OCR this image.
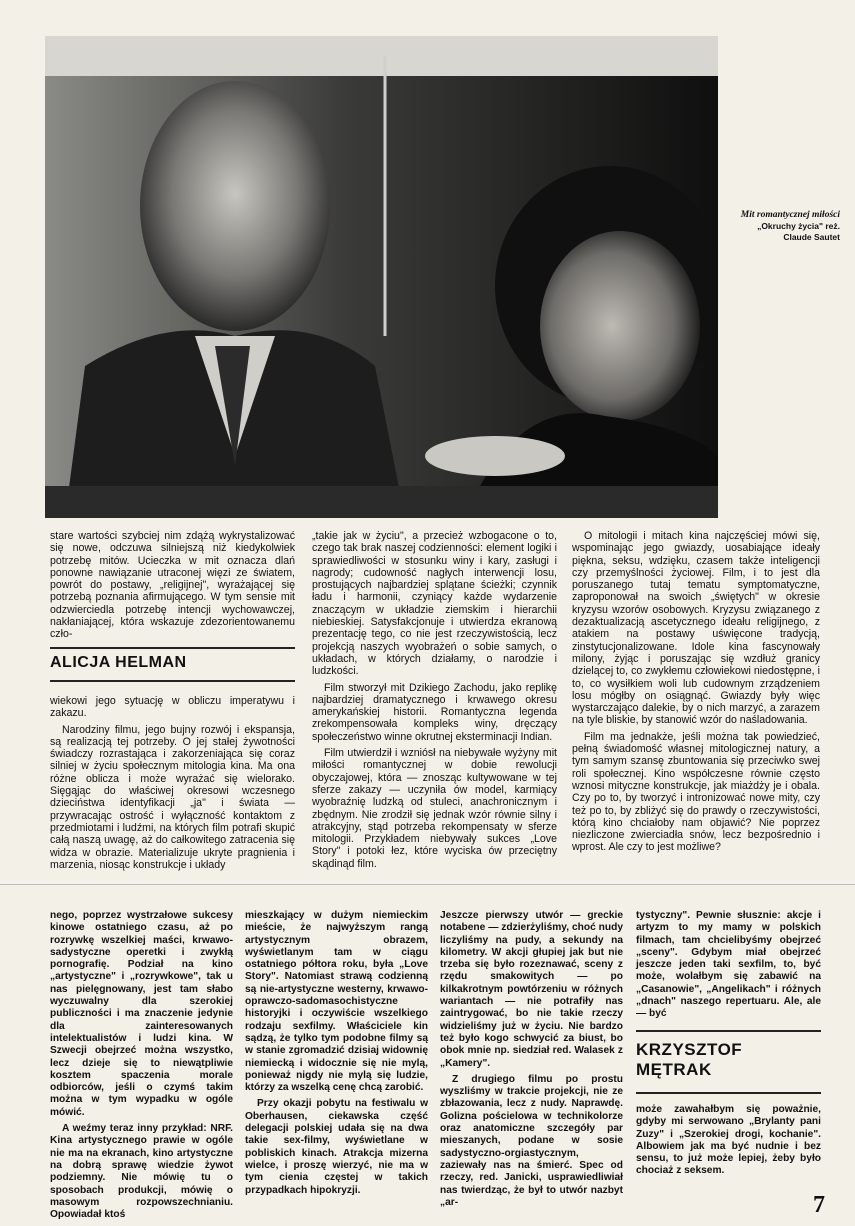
Mit romantycznej miłości
„Okruchy życia" reż.
Claude Sautet

stare wartości szybciej nim zdążą wykrystalizować się nowe, odczuwa silniejszą niż kiedykolwiek potrzebę mitów. Ucieczka w mit oznacza dlań ponowne nawiązanie utraconej więzi ze światem, powrót do postawy, „religijnej", wyrażającej się potrzebą poznania afirmującego. W tym sensie mit odzwierciedla potrzebę intencji wychowawczej, nakłaniającej, która wskazuje zdezorientowanemu czło-

ALICJA HELMAN

wiekowi jego sytuację w obliczu imperatywu i zakazu.

Narodziny filmu, jego bujny rozwój i ekspansja, są realizacją tej potrzeby. O jej stałej żywotności świadczy rozrastająca i zakorzeniająca się coraz silniej w życiu społecznym mitologia kina. Ma ona różne oblicza i może wyrażać się wielorako. Sięgąjąc do właściwej okresowi wczesnego dzieciństwa identyfikacji „ja" i świata — przywracając ostrość i wyłączność kontaktom z przedmiotami i ludźmi, na których film potrafi skupić całą naszą uwagę, aż do całkowitego zatracenia się widza w obrazie. Materializuje ukryte pragnienia i marzenia, niosąc konstrukcje i układy

„takie jak w życiu", a przecież wzbogacone o to, czego tak brak naszej codzienności: element logiki i sprawiedliwości w stosunku winy i kary, zasługi i nagrody; cudowność nagłych interwencji losu, prostujących najbardziej splątane ścieżki; czynnik ładu i harmonii, czyniący każde wydarzenie znaczącym w układzie ziemskim i hierarchii niebieskiej. Satysfakcjonuje i utwierdza ekranową prezentację tego, co nie jest rzeczywistością, lecz projekcją naszych wyobrażeń o sobie samych, o układach, w których działamy, o narodzie i ludzkości.

Film stworzył mit Dzikiego Zachodu, jako replikę najbardziej dramatycznego i krwawego okresu amerykańskiej historii. Romantyczna legenda zrekompensowała kompleks winy, dręczący społeczeństwo winne okrutnej eksterminacji Indian.

Film utwierdził i wzniósł na niebywałe wyżyny mit miłości romantycznej w dobie rewolucji obyczajowej, która — znosząc kultywowane w tej sferze zakazy — uczyniła ów model, karmiący wyobraźnię ludzką od stuleci, anachronicznym i zbędnym. Nie zrodził się jednak wzór równie silny i atrakcyjny, stąd potrzeba rekompensaty w sferze mitologii. Przykładem niebywały sukces „Love Story" i potoki łez, które wyciska ów przeciętny skądinąd film.

O mitologii i mitach kina najczęściej mówi się, wspominając jego gwiazdy, uosabiające ideały piękna, seksu, wdzięku, czasem także inteligencji czy przemyślności życiowej. Film, i to jest dla poruszanego tutaj tematu symptomatyczne, zaproponował na swoich „świętych" w okresie kryzysu wzorów osobowych. Kryzysu związanego z dezaktualizacją ascetycznego ideału religijnego, z atakiem na postawy uświęcone tradycją, zinstytucjonalizowane. Idole kina fascynowały milony, żyjąc i poruszając się wzdłuż granicy dzielącej to, co zwykłemu człowiekowi niedostępne, i to, co wysiłkiem woli lub cudownym zrządzeniem losu mógłby on osiągnąć. Gwiazdy były więc wystarczająco dalekie, by o nich marzyć, a zarazem na tyle bliskie, by stanowić wzór do naśladowania.

Film ma jednakże, jeśli można tak powiedzieć, pełną świadomość własnej mitologicznej natury, a tym samym szansę zbuntowania się przeciwko swej roli społecznej. Kino współczesne równie często wznosi mityczne konstrukcje, jak miażdży je i obala. Czy po to, by tworzyć i intronizować nowe mity, czy też po to, by zbliżyć się do prawdy o rzeczywistości, którą kino chciałoby nam objawić? Nie poprzez niezliczone zwierciadła snów, lecz bezpośrednio i wprost. Ale czy to jest możliwe?

nego, poprzez wystrzałowe sukcesy kinowe ostatniego czasu, aż po rozrywkę wszelkiej maści, krwawo-sadystyczne operetki i zwykłą pornografię. Podział na kino „artystyczne" i „rozrywkowe", tak u nas pielęgnowany, jest tam słabo wyczuwalny dla szerokiej publiczności i ma znaczenie jedynie dla zainteresowanych intelektualistów i ludzi kina. W Szwecji obejrzeć można wszystko, lecz dzieje się to niewątpliwie kosztem spaczenia morale odbiorców, jeśli o czymś takim można w tym wypadku w ogóle mówić.

A weźmy teraz inny przykład: NRF. Kina artystycznego prawie w ogóle nie ma na ekranach, kino artystyczne na dobrą sprawę wiedzie żywot podziemny. Nie mówię tu o sposobach produkcji, mówię o masowym rozpowszechnianiu. Opowiadał ktoś

mieszkający w dużym niemieckim mieście, że najwyższym rangą artystycznym obrazem, wyświetlanym tam w ciągu ostatniego półtora roku, była „Love Story". Natomiast strawą codzienną są nie-artystyczne westerny, krwawo-oprawczo-sadomasochistyczne historyjki i oczywiście wszelkiego rodzaju sexfilmy. Właściciele kin sądzą, że tylko tym podobne filmy są w stanie zgromadzić dzisiaj widownię niemiecką i widocznie się nie mylą, ponieważ nigdy nie mylą się ludzie, którzy za wszelką cenę chcą zarobić.

Przy okazji pobytu na festiwalu w Oberhausen, ciekawska część delegacji polskiej udała się na dwa takie sex-filmy, wyświetlane w pobliskich kinach. Atrakcja mizerna wielce, i proszę wierzyć, nie ma w tym cienia częstej w takich przypadkach hipokryzji.

Jeszcze pierwszy utwór — greckie notabene — zdzierżyliśmy, choć nudy liczyliśmy na pudy, a sekundy na kilometry. W akcji głupiej jak but nie trzeba się było rozeznawać, sceny z rzędu smakowitych — po kilkakrotnym powtórzeniu w różnych wariantach — nie potrafiły nas zaintrygować, bo nie takie rzeczy widzieliśmy już w życiu. Nie bardzo też było kogo schwycić za biust, bo obok mnie np. siedział red. Walasek z „Kamery".

Z drugiego filmu po prostu wyszliśmy w trakcie projekcji, nie ze zbłazowania, lecz z nudy. Naprawdę. Golizna pościelowa w technikolorze oraz anatomiczne szczegóły par mieszanych, podane w sosie sadystyczno-orgiastycznym, zaziewały nas na śmierć. Spec od rzeczy, red. Janicki, usprawiedliwiał nas twierdząc, że był to utwór nazbyt „ar-

tystyczny". Pewnie słusznie: akcje i artyzm to my mamy w polskich filmach, tam chcielibyśmy obejrzeć „sceny". Gdybym miał obejrzeć jeszcze jeden taki sexfilm, to, być może, wolałbym się zabawić na „Casanowie", „Angelikach" i różnych „dnach" naszego repertuaru. Ale, ale — być

KRZYSZTOF
MĘTRAK

może zawahałbym się poważnie, gdyby mi serwowano „Brylanty pani Zuzy" i „Szerokiej drogi, kochanie". Albowiem jak ma być nudnie i bez sensu, to już może lepiej, żeby było chociaż z seksem.

7
